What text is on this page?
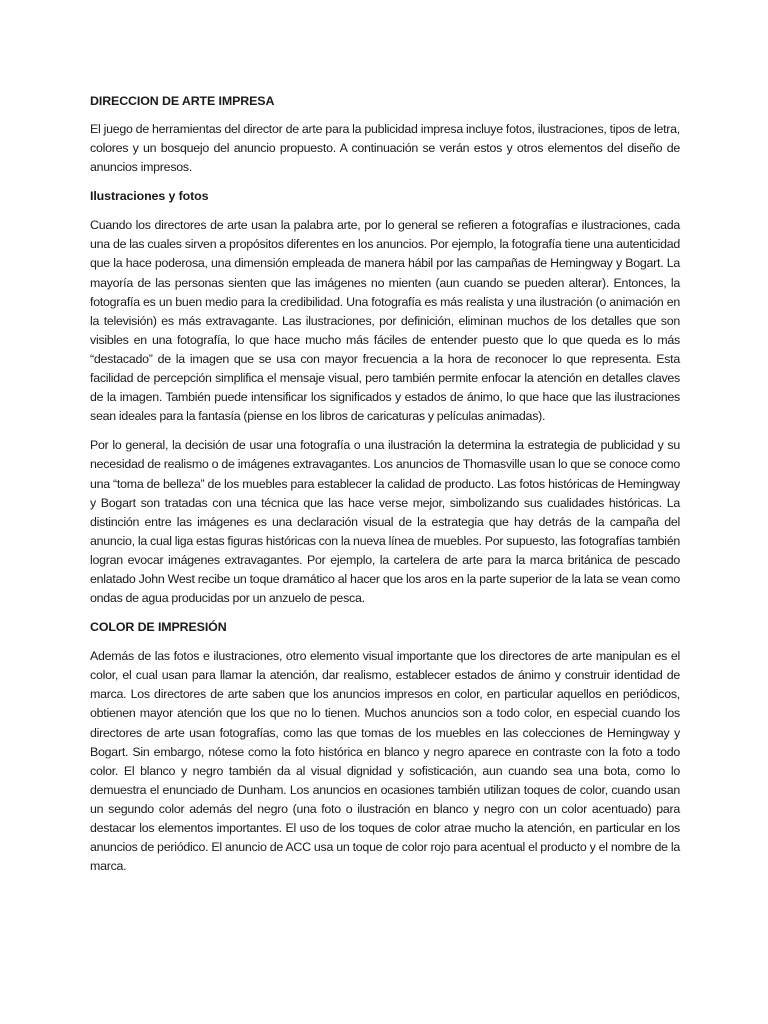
DIRECCION DE ARTE IMPRESA

El juego de herramientas del director de arte para la publicidad impresa incluye fotos, ilustraciones, tipos de letra, colores y un bosquejo del anuncio propuesto. A continuación se verán estos y otros elementos del diseño de anuncios impresos.

Ilustraciones y fotos

Cuando los directores de arte usan la palabra arte, por lo general se refieren a fotografías e ilustraciones, cada una de las cuales sirven a propósitos diferentes en los anuncios. Por ejemplo, la fotografía tiene una autenticidad que la hace poderosa, una dimensión empleada de manera hábil por las campañas de Hemingway y Bogart. La mayoría de las personas sienten que las imágenes no mienten (aun cuando se pueden alterar). Entonces, la fotografía es un buen medio para la credibilidad. Una fotografía es más realista y una ilustración (o animación en la televisión) es más extravagante. Las ilustraciones, por definición, eliminan muchos de los detalles que son visibles en una fotografía, lo que hace mucho más fáciles de entender puesto que lo que queda es lo más “destacado” de la imagen que se usa con mayor frecuencia a la hora de reconocer lo que representa. Esta facilidad de percepción simplifica el mensaje visual, pero también permite enfocar la atención en detalles claves de la imagen. También puede intensificar los significados y estados de ánimo, lo que hace que las ilustraciones sean ideales para la fantasía (piense en los libros de caricaturas y películas animadas).

Por lo general, la decisión de usar una fotografía o una ilustración la determina la estrategia de publicidad y su necesidad de realismo o de imágenes extravagantes. Los anuncios de Thomasville usan lo que se conoce como una “toma de belleza” de los muebles para establecer la calidad de producto. Las fotos históricas de Hemingway y Bogart son tratadas con una técnica que las hace verse mejor, simbolizando sus cualidades históricas. La distinción entre las imágenes es una declaración visual de la estrategia que hay detrás de la campaña del anuncio, la cual liga estas figuras históricas con la nueva línea de muebles. Por supuesto, las fotografías también logran evocar imágenes extravagantes. Por ejemplo, la cartelera de arte para la marca británica de pescado enlatado John West recibe un toque dramático al hacer que los aros en la parte superior de la lata se vean como ondas de agua producidas por un anzuelo de pesca.

COLOR DE IMPRESIÓN

Además de las fotos e ilustraciones, otro elemento visual importante que los directores de arte manipulan es el color, el cual usan para llamar la atención, dar realismo, establecer estados de ánimo y construir identidad de marca. Los directores de arte saben que los anuncios impresos en color, en particular aquellos en periódicos, obtienen mayor atención que los que no lo tienen. Muchos anuncios son a todo color, en especial cuando los directores de arte usan fotografías, como las que tomas de los muebles en las colecciones de Hemingway y Bogart. Sin embargo, nótese como la foto histórica en blanco y negro aparece en contraste con la foto a todo color. El blanco y negro también da al visual dignidad y sofisticación, aun cuando sea una bota, como lo demuestra el enunciado de Dunham. Los anuncios en ocasiones también utilizan toques de color, cuando usan un segundo color además del negro (una foto o ilustración en blanco y negro con un color acentuado) para destacar los elementos importantes. El uso de los toques de color atrae mucho la atención, en particular en los anuncios de periódico. El anuncio de ACC usa un toque de color rojo para acentual el producto y el nombre de la marca.
